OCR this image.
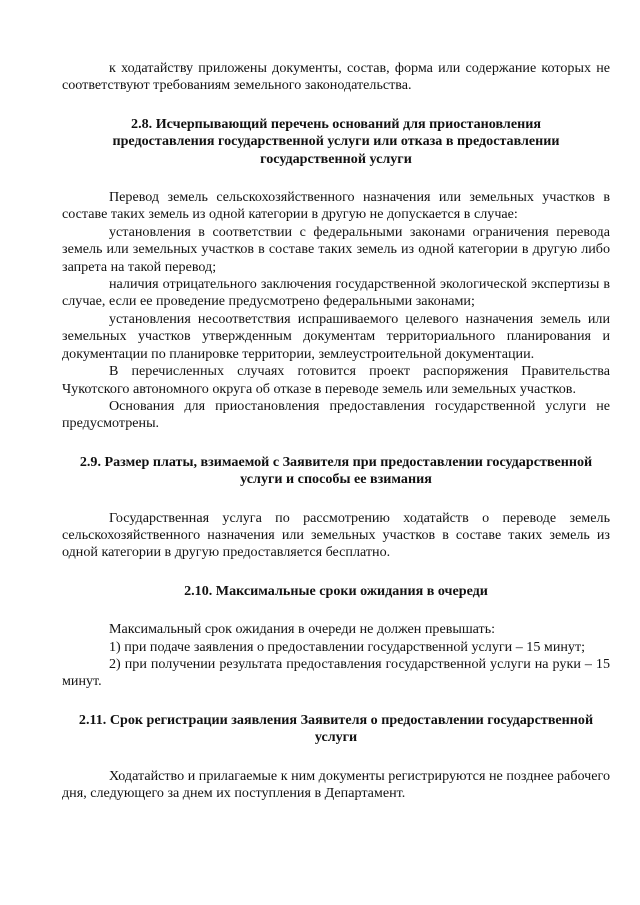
к ходатайству приложены документы, состав, форма или содержание которых не соответствуют требованиям земельного законодательства.

2.8. Исчерпывающий перечень оснований для приостановления предоставления государственной услуги или отказа в предоставлении государственной услуги

Перевод земель сельскохозяйственного назначения или земельных участков в составе таких земель из одной категории в другую не допускается в случае:

установления в соответствии с федеральными законами ограничения перевода земель или земельных участков в составе таких земель из одной категории в другую либо запрета на такой перевод;

наличия отрицательного заключения государственной экологической экспертизы в случае, если ее проведение предусмотрено федеральными законами;

установления несоответствия испрашиваемого целевого назначения земель или земельных участков утвержденным документам территориального планирования и документации по планировке территории, землеустроительной документации.

В перечисленных случаях готовится проект распоряжения Правительства Чукотского автономного округа об отказе в переводе земель или земельных участков.

Основания для приостановления предоставления государственной услуги не предусмотрены.

2.9. Размер платы, взимаемой с Заявителя при предоставлении государственной услуги и способы ее взимания

Государственная услуга по рассмотрению ходатайств о переводе земель сельскохозяйственного назначения или земельных участков в составе таких земель из одной категории в другую предоставляется бесплатно.

2.10. Максимальные сроки ожидания в очереди

Максимальный срок ожидания в очереди не должен превышать:

1) при подаче заявления о предоставлении государственной услуги – 15 минут;

2) при получении результата предоставления государственной услуги на руки – 15 минут.

2.11. Срок регистрации заявления Заявителя о предоставлении государственной услуги

Ходатайство и прилагаемые к ним документы регистрируются не позднее рабочего дня, следующего за днем их поступления в Департамент.
